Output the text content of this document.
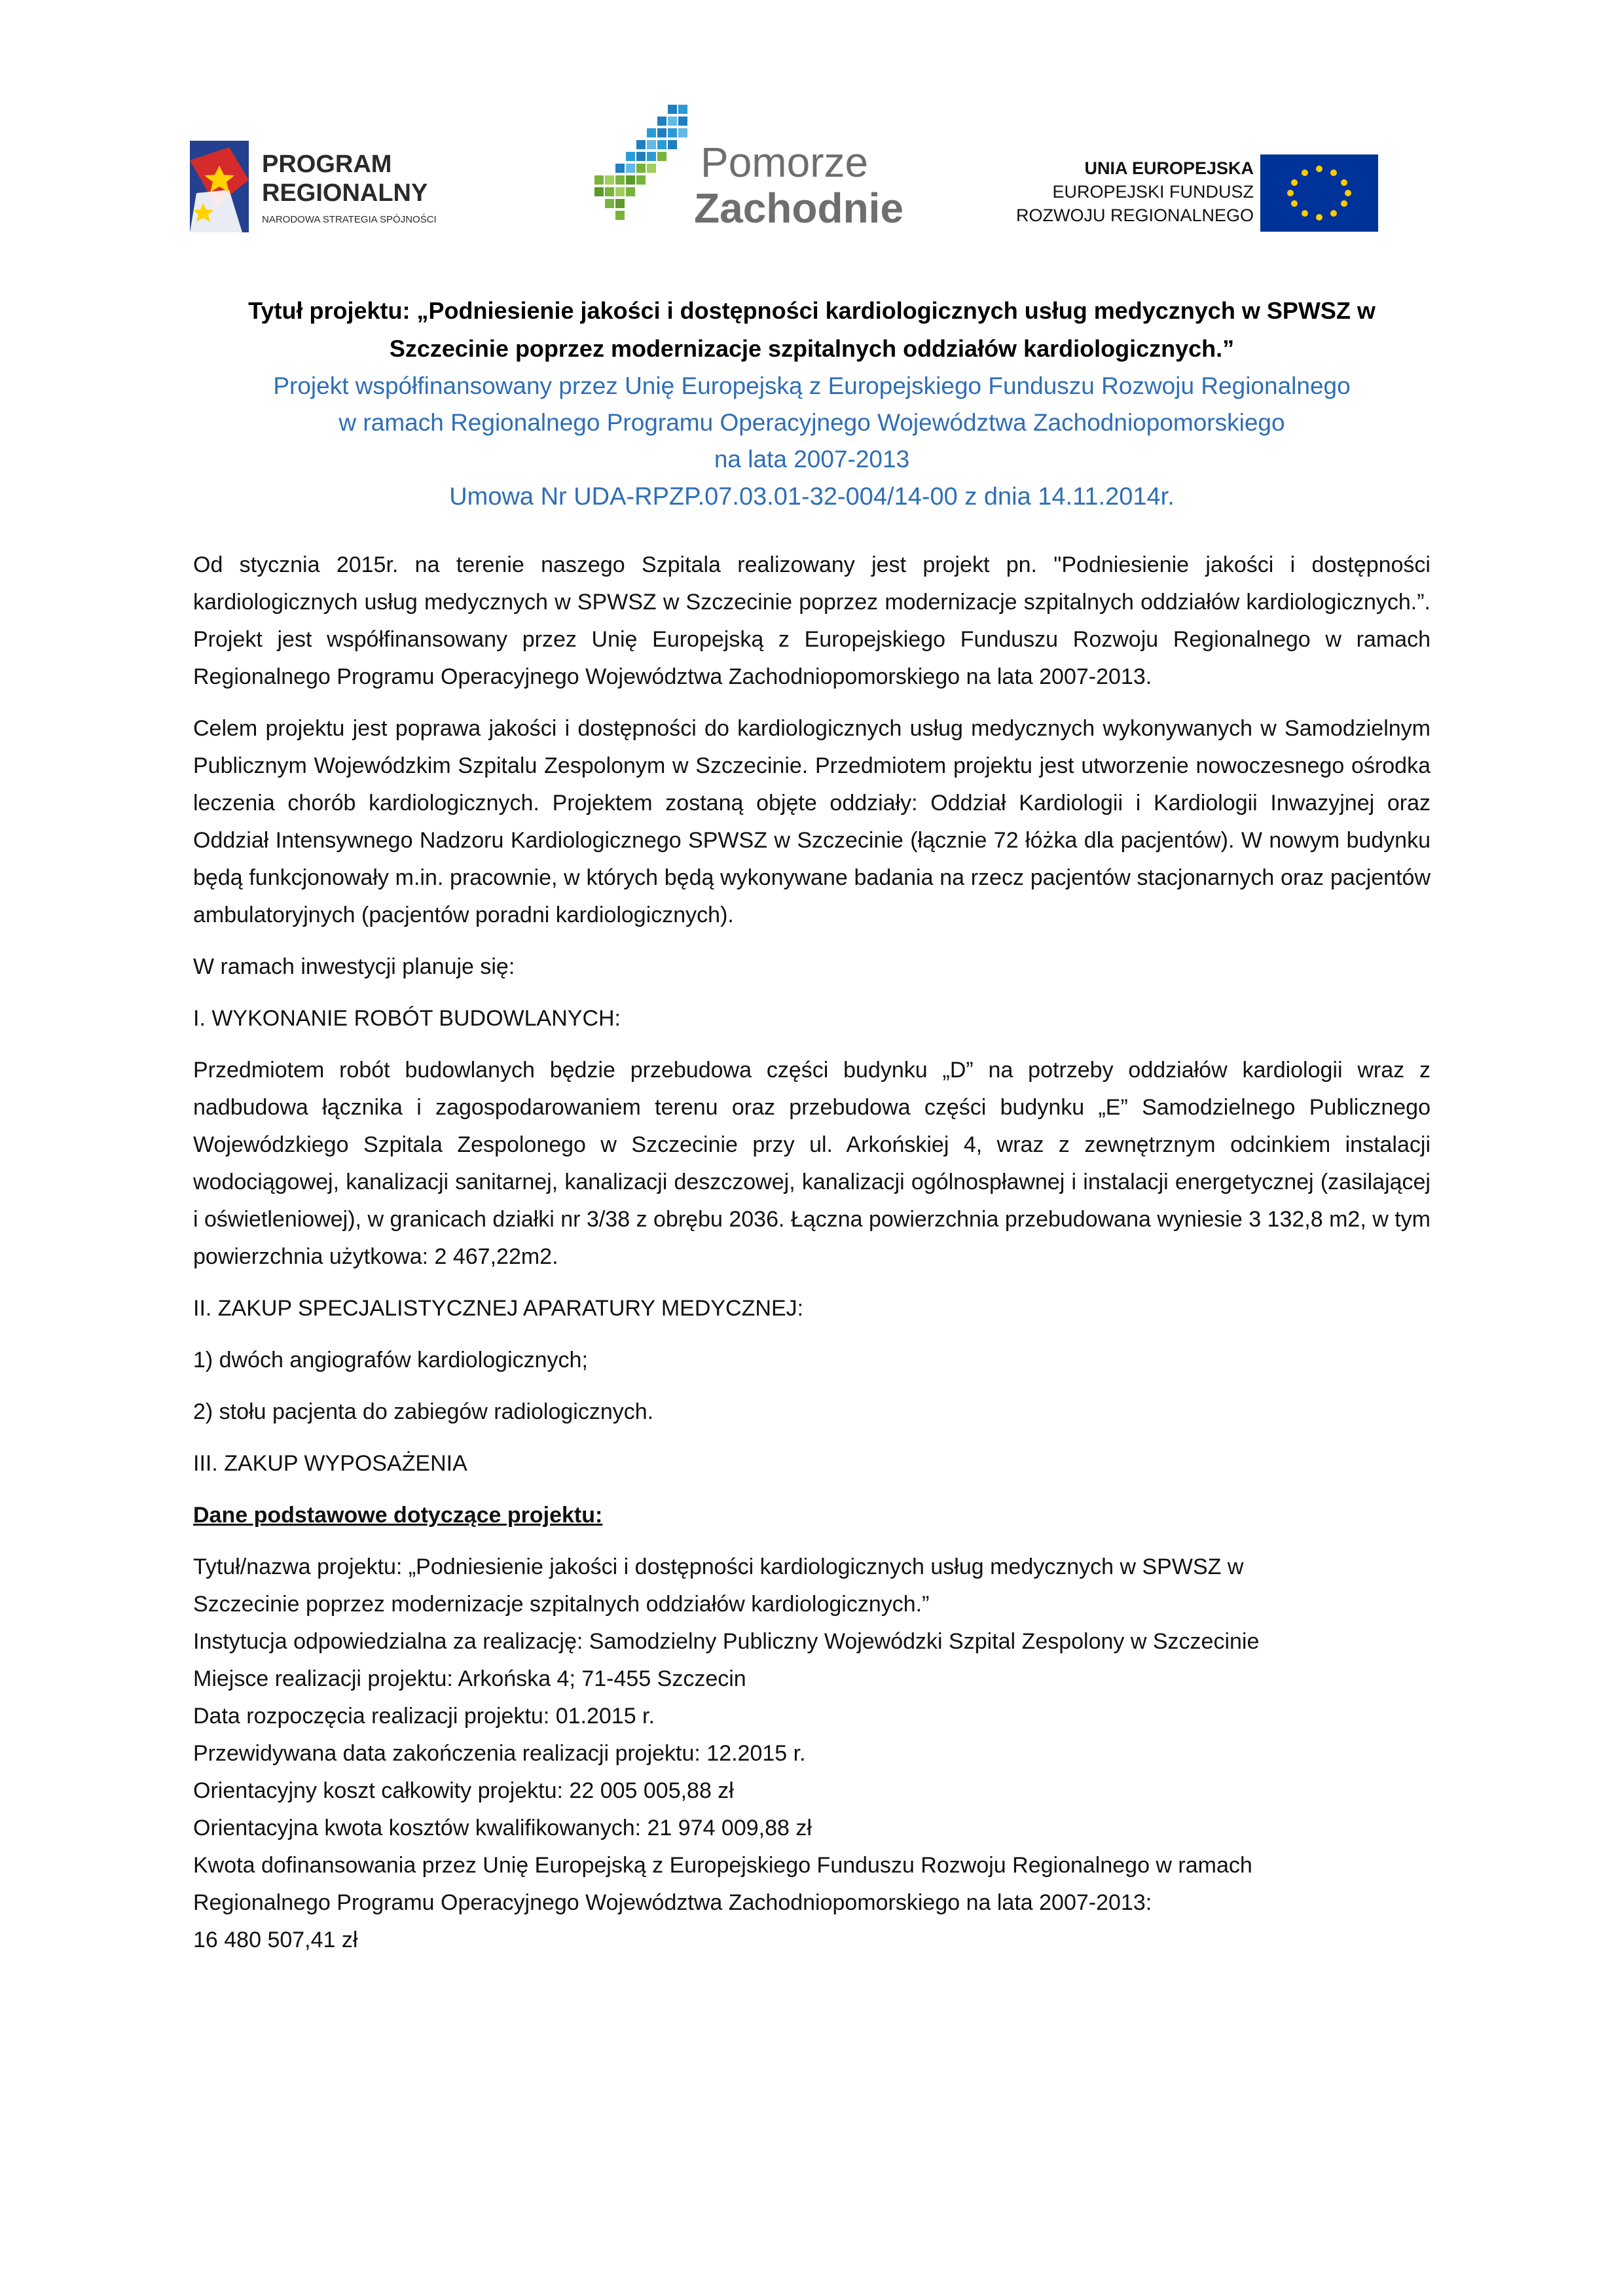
PROGRAM
REGIONALNY
NARODOWA STRATEGIA SPÓJNOŚCI
Pomorze
Zachodnie
UNIA EUROPEJSKA
EUROPEJSKI FUNDUSZ
ROZWOJU REGIONALNEGO

Tytuł projektu: „Podniesienie jakości i dostępności kardiologicznych usług medycznych w SPWSZ w

Szczecinie poprzez modernizacje szpitalnych oddziałów kardiologicznych.”

Projekt współfinansowany przez Unię Europejską z Europejskiego Funduszu Rozwoju Regionalnego

w ramach Regionalnego Programu Operacyjnego Województwa Zachodniopomorskiego

na lata 2007-2013

Umowa Nr UDA-RPZP.07.03.01-32-004/14-00 z dnia 14.11.2014r.

Od stycznia 2015r. na terenie naszego Szpitala realizowany jest projekt pn. "Podniesienie jakości i dostępności kardiologicznych usług medycznych w SPWSZ w Szczecinie poprzez modernizacje szpitalnych oddziałów kardiologicznych.”. Projekt jest współfinansowany przez Unię Europejską z Europejskiego Funduszu Rozwoju Regionalnego w ramach Regionalnego Programu Operacyjnego Województwa Zachodniopomorskiego na lata 2007-2013.

Celem projektu jest poprawa jakości i dostępności do kardiologicznych usług medycznych wykonywanych w Samodzielnym Publicznym Wojewódzkim Szpitalu Zespolonym w Szczecinie. Przedmiotem projektu jest utworzenie nowoczesnego ośrodka leczenia chorób kardiologicznych. Projektem zostaną objęte oddziały: Oddział Kardiologii i Kardiologii Inwazyjnej oraz Oddział Intensywnego Nadzoru Kardiologicznego SPWSZ w Szczecinie (łącznie 72 łóżka dla pacjentów). W nowym budynku będą funkcjonowały m.in. pracownie, w których będą wykonywane badania na rzecz pacjentów stacjonarnych oraz pacjentów ambulatoryjnych (pacjentów poradni kardiologicznych).

W ramach inwestycji planuje się:

I. WYKONANIE ROBÓT BUDOWLANYCH:

Przedmiotem robót budowlanych będzie przebudowa części budynku „D” na potrzeby oddziałów kardiologii wraz z nadbudowa łącznika i zagospodarowaniem terenu oraz przebudowa części budynku „E” Samodzielnego Publicznego Wojewódzkiego Szpitala Zespolonego w Szczecinie przy ul. Arkońskiej 4, wraz z zewnętrznym odcinkiem instalacji wodociągowej, kanalizacji sanitarnej, kanalizacji deszczowej, kanalizacji ogólnospławnej i instalacji energetycznej (zasilającej i oświetleniowej), w granicach działki nr 3/38 z obrębu 2036. Łączna powierzchnia przebudowana wyniesie 3 132,8 m2, w tym powierzchnia użytkowa: 2 467,22m2.

II. ZAKUP SPECJALISTYCZNEJ APARATURY MEDYCZNEJ:

1) dwóch angiografów kardiologicznych;

2) stołu pacjenta do zabiegów radiologicznych.

III. ZAKUP WYPOSAŻENIA

Dane podstawowe dotyczące projektu:

Tytuł/nazwa projektu: „Podniesienie jakości i dostępności kardiologicznych usług medycznych w SPWSZ w

Szczecinie poprzez modernizacje szpitalnych oddziałów kardiologicznych.”

Instytucja odpowiedzialna za realizację: Samodzielny Publiczny Wojewódzki Szpital Zespolony w Szczecinie

Miejsce realizacji projektu: Arkońska 4; 71-455 Szczecin

Data rozpoczęcia realizacji projektu: 01.2015 r.

Przewidywana data zakończenia realizacji projektu: 12.2015 r.

Orientacyjny koszt całkowity projektu: 22 005 005,88 zł

Orientacyjna kwota kosztów kwalifikowanych: 21 974 009,88 zł

Kwota dofinansowania przez Unię Europejską z Europejskiego Funduszu Rozwoju Regionalnego w ramach

Regionalnego Programu Operacyjnego Województwa Zachodniopomorskiego na lata 2007-2013:

16 480 507,41 zł
